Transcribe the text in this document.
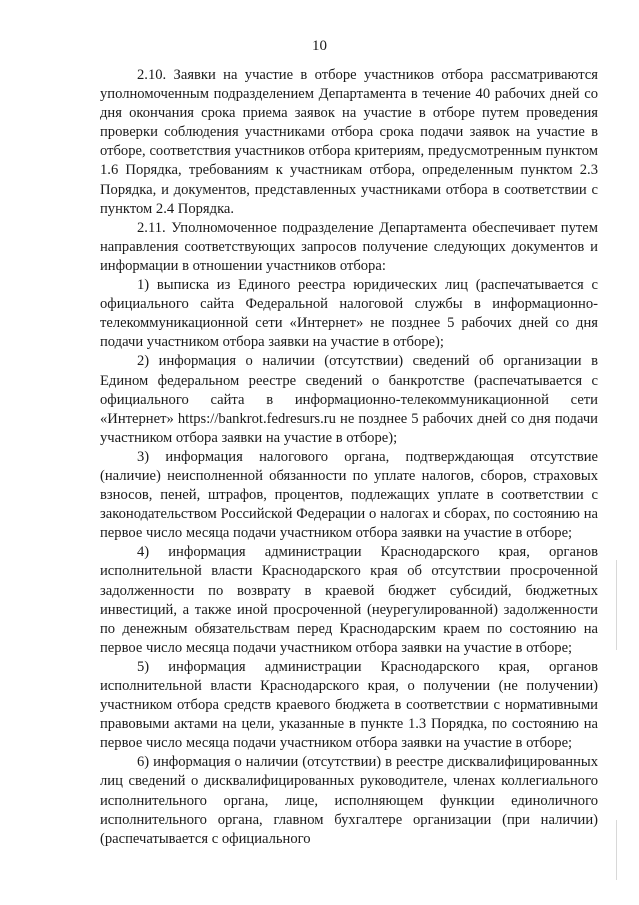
10

2.10. Заявки на участие в отборе участников отбора рассматриваются уполномоченным подразделением Департамента в течение 40 рабочих дней со дня окончания срока приема заявок на участие в отборе путем проведения проверки соблюдения участниками отбора срока подачи заявок на участие в отборе, соответствия участников отбора критериям, предусмотренным пунктом 1.6 Порядка, требованиям к участникам отбора, определенным пунктом 2.3 Порядка, и документов, представленных участниками отбора в соответствии с пунктом 2.4 Порядка.

2.11. Уполномоченное подразделение Департамента обеспечивает путем направления соответствующих запросов получение следующих документов и информации в отношении участников отбора:

1) выписка из Единого реестра юридических лиц (распечатывается с официального сайта Федеральной налоговой службы в информационно-телекоммуникационной сети «Интернет» не позднее 5 рабочих дней со дня подачи участником отбора заявки на участие в отборе);

2) информация о наличии (отсутствии) сведений об организации в Едином федеральном реестре сведений о банкротстве (распечатывается с официального сайта в информационно-телекоммуникационной сети «Интернет» https://bankrot.fedresurs.ru не позднее 5 рабочих дней со дня подачи участником отбора заявки на участие в отборе);

3) информация налогового органа, подтверждающая отсутствие (наличие) неисполненной обязанности по уплате налогов, сборов, страховых взносов, пеней, штрафов, процентов, подлежащих уплате в соответствии с законодательством Российской Федерации о налогах и сборах, по состоянию на первое число месяца подачи участником отбора заявки на участие в отборе;

4) информация администрации Краснодарского края, органов исполнительной власти Краснодарского края об отсутствии просроченной задолженности по возврату в краевой бюджет субсидий, бюджетных инвестиций, а также иной просроченной (неурегулированной) задолженности по денежным обязательствам перед Краснодарским краем по состоянию на первое число месяца подачи участником отбора заявки на участие в отборе;

5) информация администрации Краснодарского края, органов исполнительной власти Краснодарского края, о получении (не получении) участником отбора средств краевого бюджета в соответствии с нормативными правовыми актами на цели, указанные в пункте 1.3 Порядка, по состоянию на первое число месяца подачи участником отбора заявки на участие в отборе;

6) информация о наличии (отсутствии) в реестре дисквалифицированных лиц сведений о дисквалифицированных руководителе, членах коллегиального исполнительного органа, лице, исполняющем функции единоличного исполнительного органа, главном бухгалтере организации (при наличии) (распечатывается с официального
